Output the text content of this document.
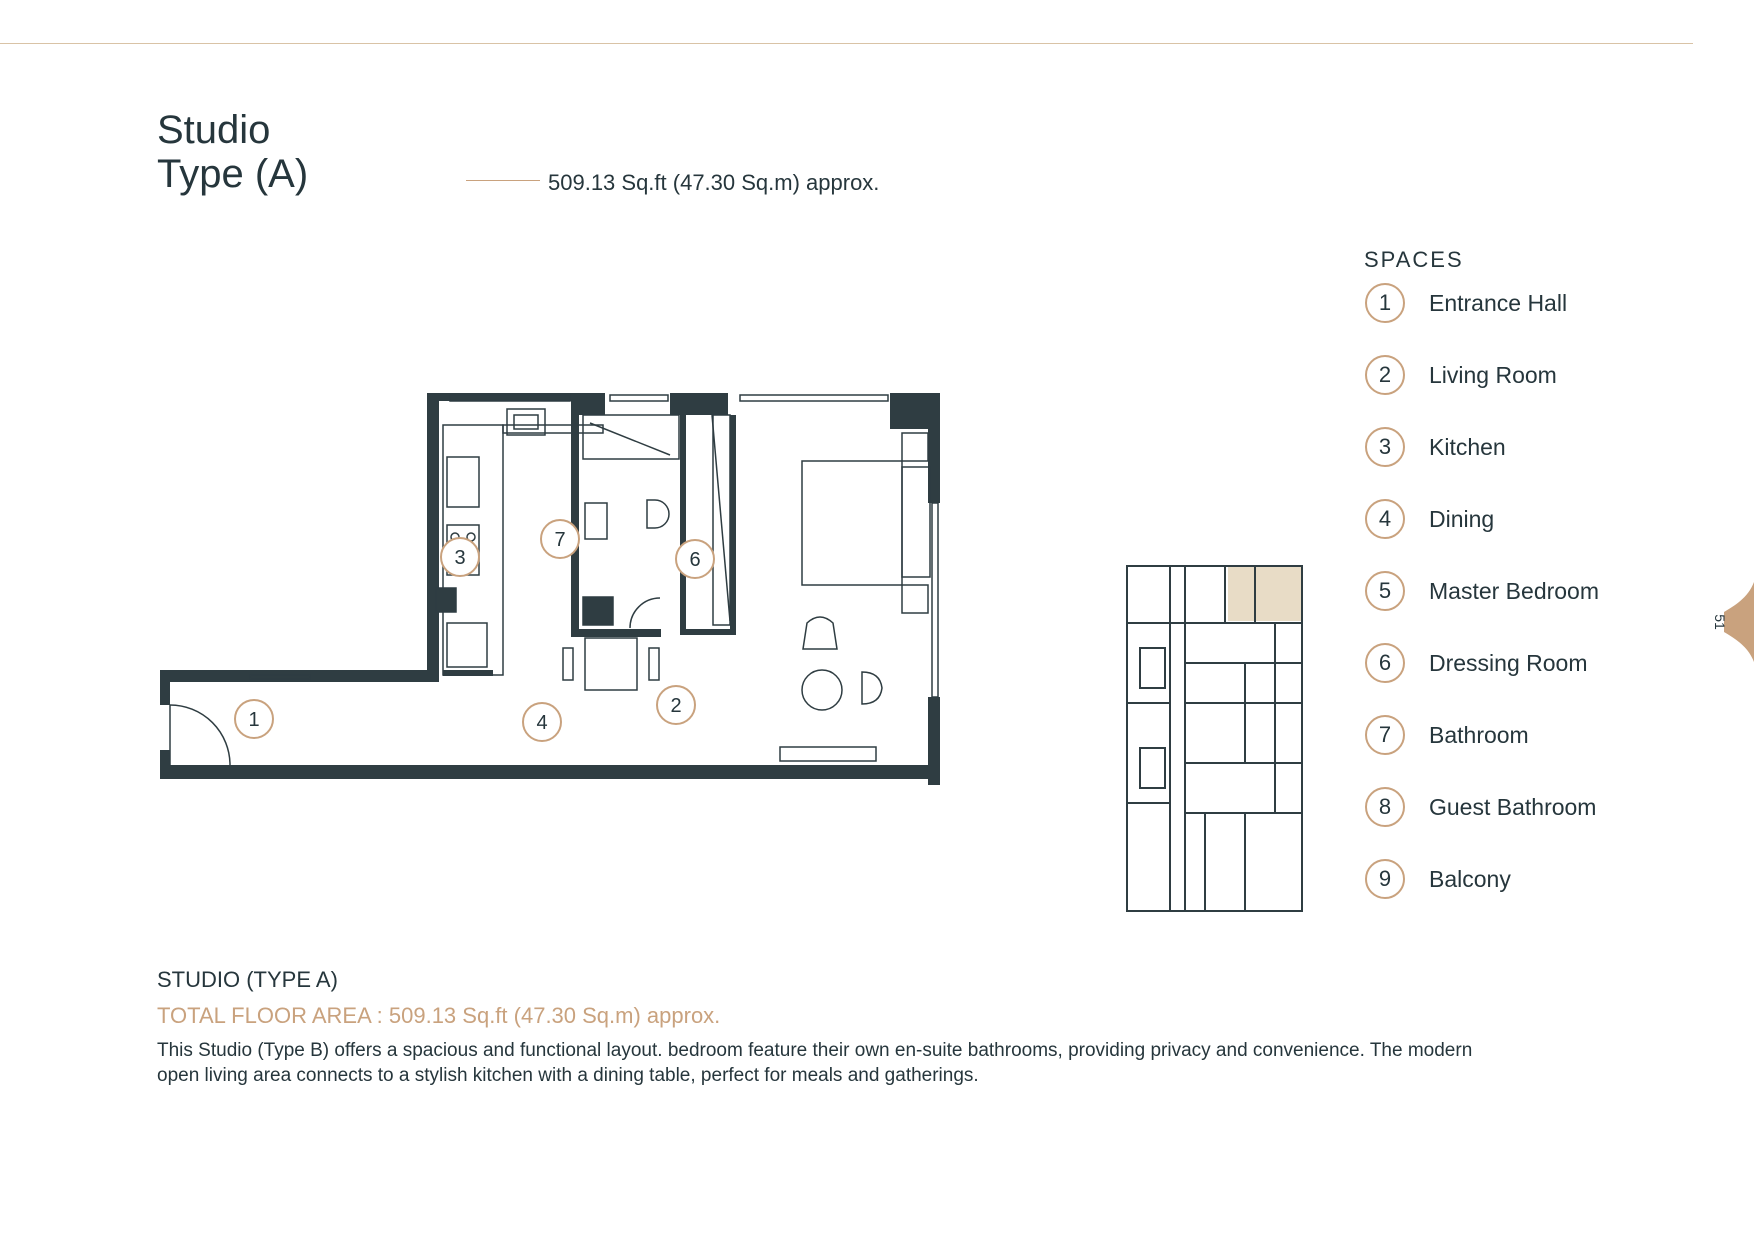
Studio
Type (A)	509.13 Sq.ft (47.30 Sq.m) approx.
1
2
3
4
6
7
SPACES
1	Entrance Hall
2	Living Room
3	Kitchen
4	Dining
5	Master Bedroom
6	Dressing Room
7	Bathroom
8	Guest Bathroom
9	Balcony
STUDIO (TYPE A)
TOTAL FLOOR AREA : 509.13 Sq.ft (47.30 Sq.m) approx.
This Studio (Type B) offers a spacious and functional layout. bedroom feature their own en-suite bathrooms, providing privacy and convenience. The modern open living area connects to a stylish kitchen with a dining table, perfect for meals and gatherings.
51
